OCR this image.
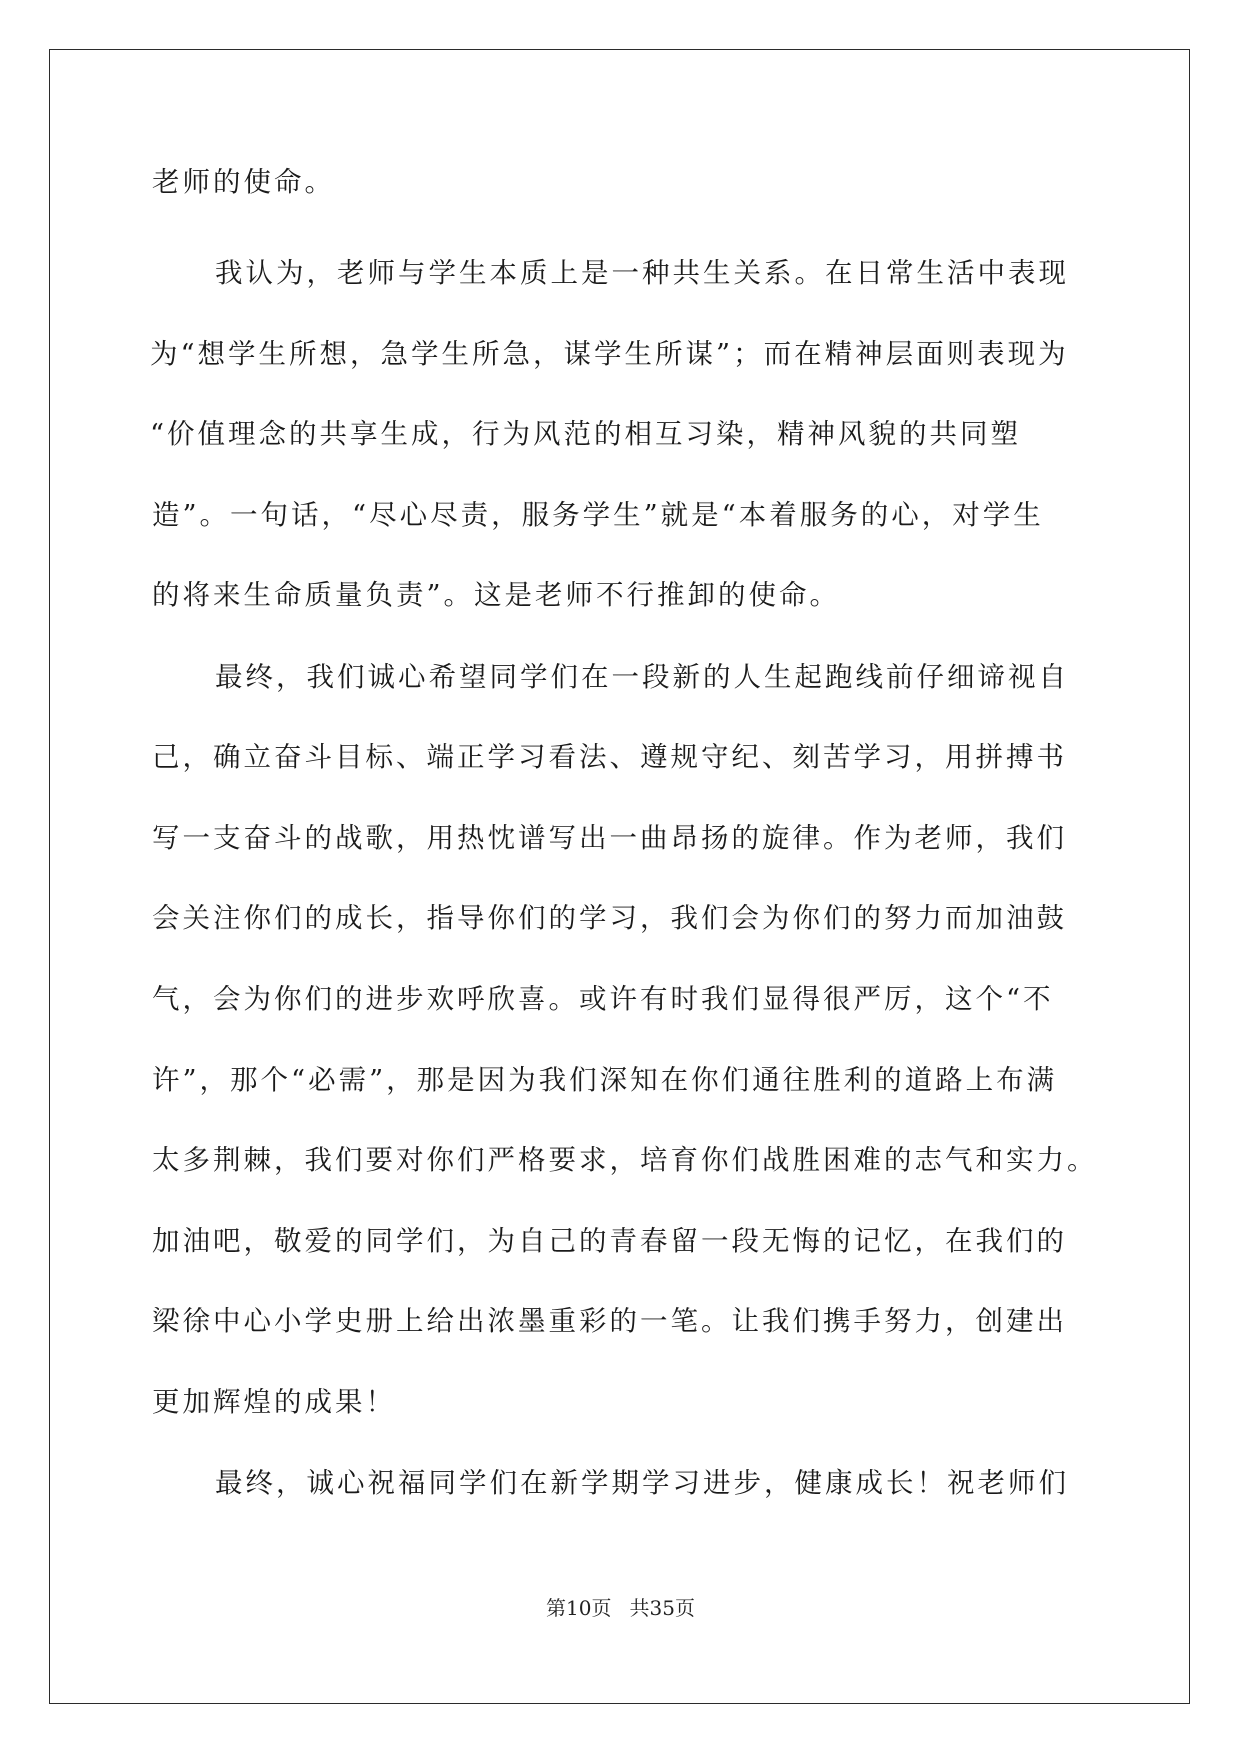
老师的使命。

我认为，老师与学生本质上是一种共生关系。在日常生活中表现

为“想学生所想，急学生所急，谋学生所谋”；而在精神层面则表现为

“价值理念的共享生成，行为风范的相互习染，精神风貌的共同塑

造”。一句话，“尽心尽责，服务学生”就是“本着服务的心，对学生

的将来生命质量负责”。这是老师不行推卸的使命。

最终，我们诚心希望同学们在一段新的人生起跑线前仔细谛视自

己，确立奋斗目标、端正学习看法、遵规守纪、刻苦学习，用拼搏书

写一支奋斗的战歌，用热忱谱写出一曲昂扬的旋律。作为老师，我们

会关注你们的成长，指导你们的学习，我们会为你们的努力而加油鼓

气，会为你们的进步欢呼欣喜。或许有时我们显得很严厉，这个“不

许”，那个“必需”，那是因为我们深知在你们通往胜利的道路上布满

太多荆棘，我们要对你们严格要求，培育你们战胜困难的志气和实力。

加油吧，敬爱的同学们，为自己的青春留一段无悔的记忆，在我们的

梁徐中心小学史册上给出浓墨重彩的一笔。让我们携手努力，创建出

更加辉煌的成果！

最终，诚心祝福同学们在新学期学习进步，健康成长！祝老师们

第10页 共35页
